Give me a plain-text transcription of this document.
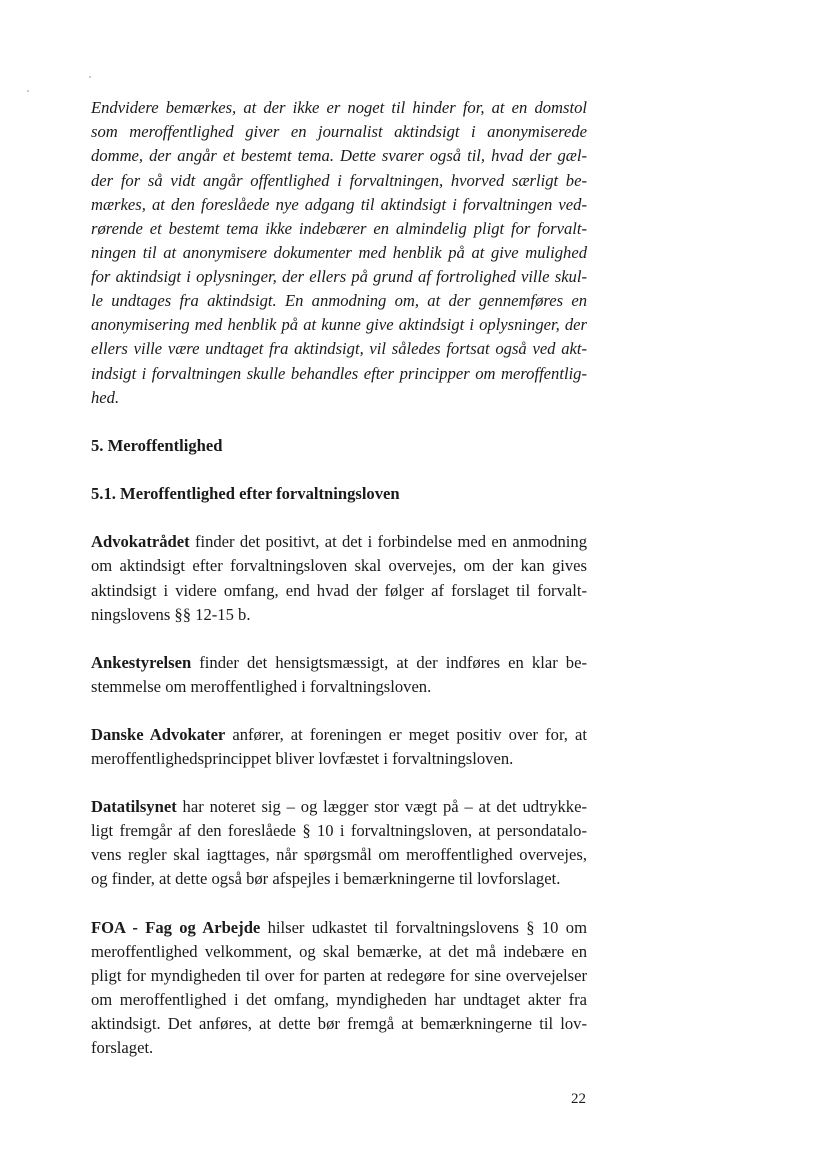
Endvidere bemærkes, at der ikke er noget til hinder for, at en domstol
som meroffentlighed giver en journalist aktindsigt i anonymiserede
domme, der angår et bestemt tema. Dette svarer også til, hvad der gæl-
der for så vidt angår offentlighed i forvaltningen, hvorved særligt be-
mærkes, at den foreslåede nye adgang til aktindsigt i forvaltningen ved-
rørende et bestemt tema ikke indebærer en almindelig pligt for forvalt-
ningen til at anonymisere dokumenter med henblik på at give mulighed
for aktindsigt i oplysninger, der ellers på grund af fortrolighed ville skul-
le undtages fra aktindsigt. En anmodning om, at der gennemføres en
anonymisering med henblik på at kunne give aktindsigt i oplysninger, der
ellers ville være undtaget fra aktindsigt, vil således fortsat også ved akt-
indsigt i forvaltningen skulle behandles efter principper om meroffentlig-
hed.
5. Meroffentlighed
5.1. Meroffentlighed efter forvaltningsloven
Advokatrådet finder det positivt, at det i forbindelse med en anmodning
om aktindsigt efter forvaltningsloven skal overvejes, om der kan gives
aktindsigt i videre omfang, end hvad der følger af forslaget til forvalt-
ningslovens §§ 12-15 b.
Ankestyrelsen finder det hensigtsmæssigt, at der indføres en klar be-
stemmelse om meroffentlighed i forvaltningsloven.
Danske Advokater anfører, at foreningen er meget positiv over for, at
meroffentlighedsprincippet bliver lovfæstet i forvaltningsloven.
Datatilsynet har noteret sig – og lægger stor vægt på – at det udtrykke-
ligt fremgår af den foreslåede § 10 i forvaltningsloven, at persondatalo-
vens regler skal iagttages, når spørgsmål om meroffentlighed overvejes,
og finder, at dette også bør afspejles i bemærkningerne til lovforslaget.
FOA - Fag og Arbejde hilser udkastet til forvaltningslovens § 10 om
meroffentlighed velkomment, og skal bemærke, at det må indebære en
pligt for myndigheden til over for parten at redegøre for sine overvejelser
om meroffentlighed i det omfang, myndigheden har undtaget akter fra
aktindsigt. Det anføres, at dette bør fremgå at bemærkningerne til lov-
forslaget.
22
